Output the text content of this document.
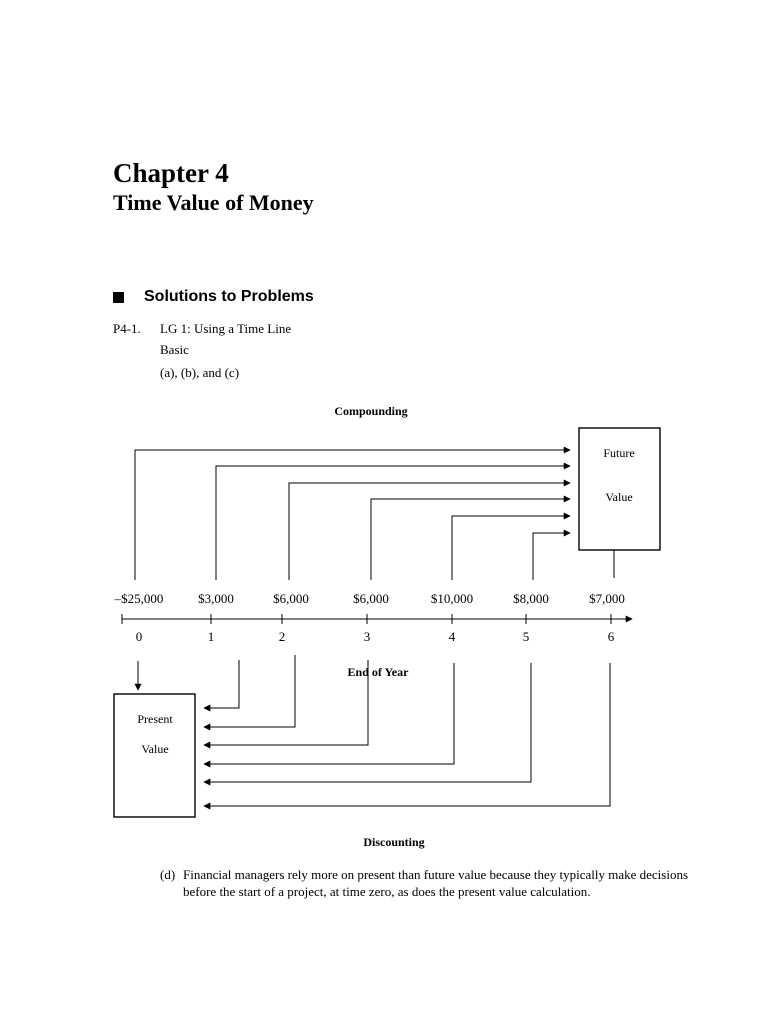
Chapter 4
Time Value of Money
Solutions to Problems
P4-1. LG 1: Using a Time Line
Basic
(a), (b), and (c)
Compounding
Future
Value
–$25,000	$3,000	$6,000	$6,000	$10,000	$8,000	$7,000
0	1	2	3	4	5	6
End of Year
Present
Value
Discounting
(d) Financial managers rely more on present than future value because they typically make decisions before the start of a project, at time zero, as does the present value calculation.
